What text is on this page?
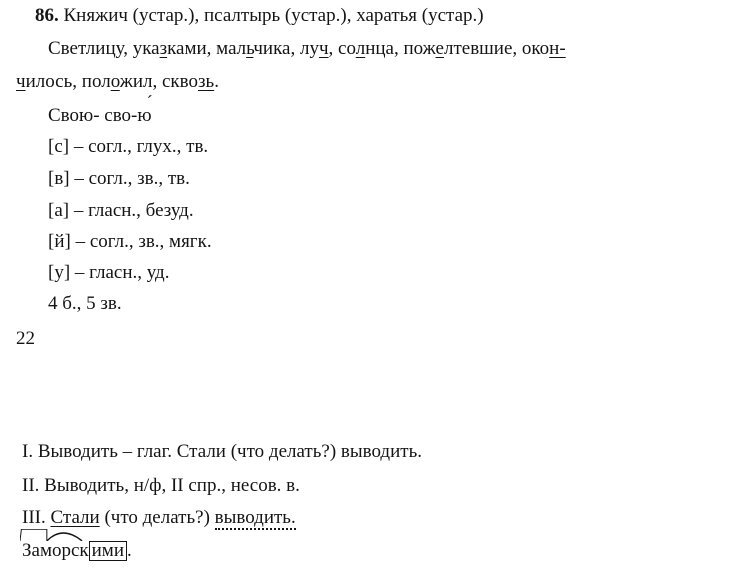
86. Княжич (устар.), псалтырь (устар.), харатья (устар.)
Светлицу, указками, мальчика, луч, солнца, пожелтевшие, окон-
чилось, положил, сквозь.
Свою- сво-ю
´
[с] – согл., глух., тв.
[в] – согл., зв., тв.
[а] – гласн., безуд.
[й] – согл., зв., мягк.
[у] – гласн., уд.
4 б., 5 зв.
22
I. Выводить – глаг. Стали (что делать?) выводить.
II. Выводить, н/ф, II спр., несов. в.
III. Стали (что делать?) выводить.
Заморск ими .
